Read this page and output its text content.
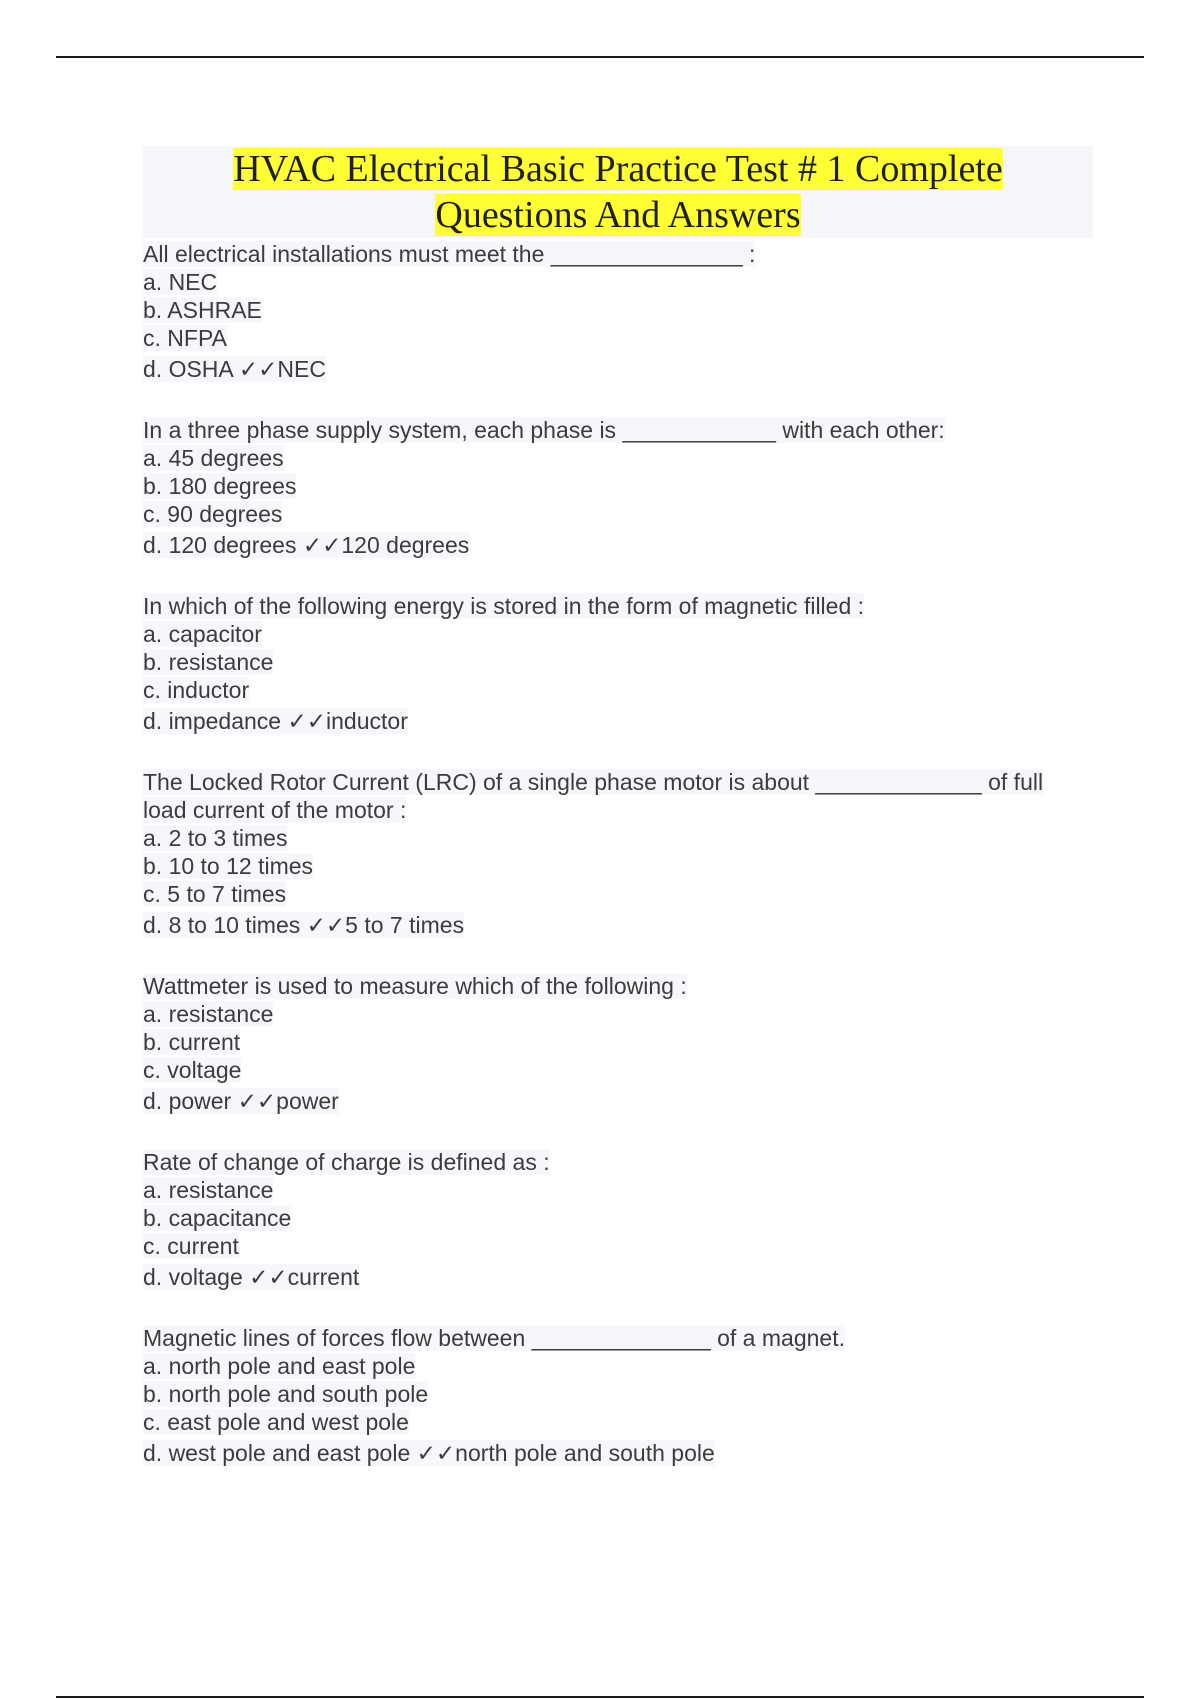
HVAC Electrical Basic Practice Test # 1 Complete
Questions And Answers
All electrical installations must meet the _______________ :
a. NEC
b. ASHRAE
c. NFPA
d. OSHA ✓✓NEC
In a three phase supply system, each phase is ____________ with each other:
a. 45 degrees
b. 180 degrees
c. 90 degrees
d. 120 degrees ✓✓120 degrees
In which of the following energy is stored in the form of magnetic filled :
a. capacitor
b. resistance
c. inductor
d. impedance ✓✓inductor
The Locked Rotor Current (LRC) of a single phase motor is about _____________ of full
load current of the motor :
a. 2 to 3 times
b. 10 to 12 times
c. 5 to 7 times
d. 8 to 10 times ✓✓5 to 7 times
Wattmeter is used to measure which of the following :
a. resistance
b. current
c. voltage
d. power ✓✓power
Rate of change of charge is defined as :
a. resistance
b. capacitance
c. current
d. voltage ✓✓current
Magnetic lines of forces flow between ______________ of a magnet.
a. north pole and east pole
b. north pole and south pole
c. east pole and west pole
d. west pole and east pole ✓✓north pole and south pole
